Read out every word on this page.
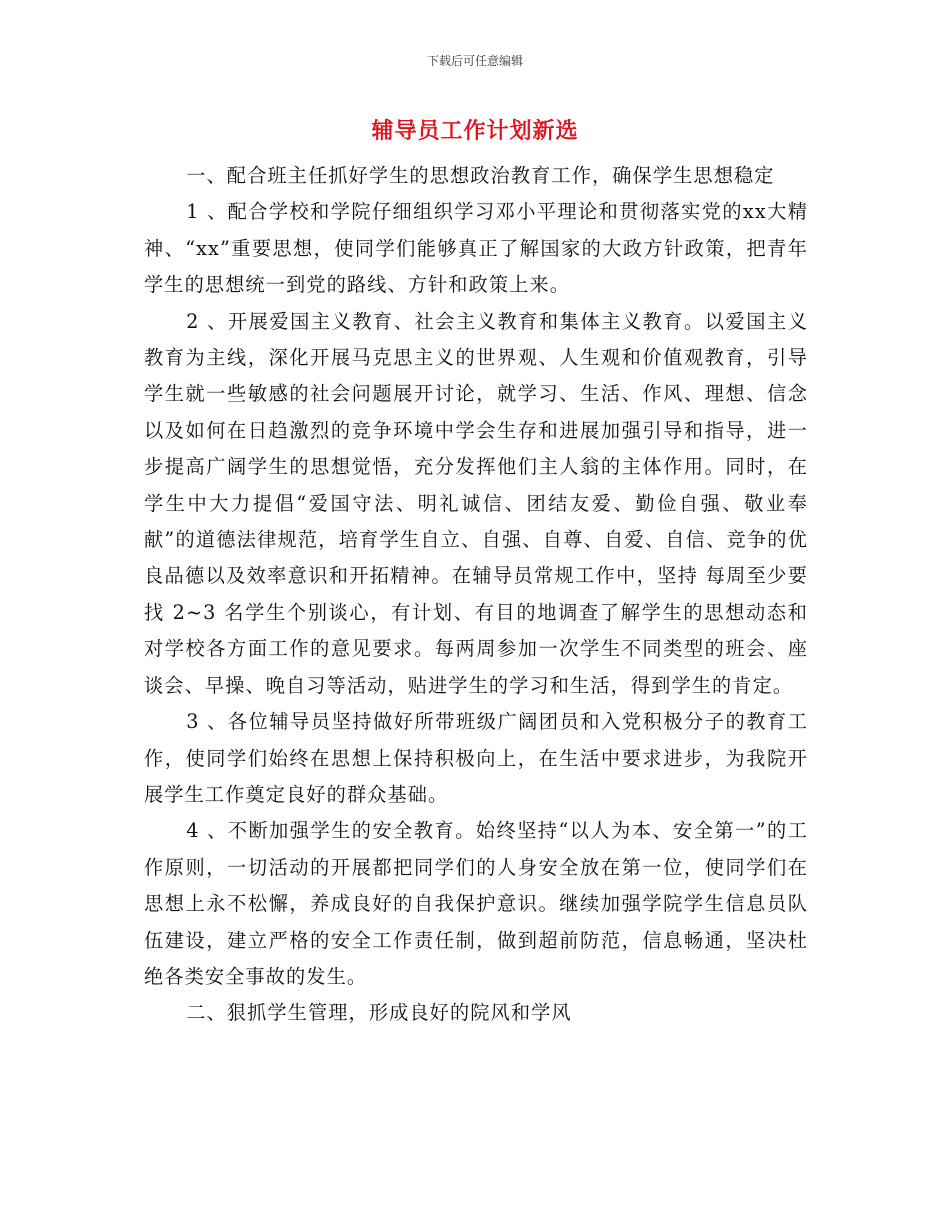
下载后可任意编辑
辅导员工作计划新选

一、配合班主任抓好学生的思想政治教育工作，确保学生思想稳定

1 、配合学校和学院仔细组织学习邓小平理论和贯彻落实党的xx大精神、“xx”重要思想，使同学们能够真正了解国家的大政方针政策，把青年学生的思想统一到党的路线、方针和政策上来。

2 、开展爱国主义教育、社会主义教育和集体主义教育。以爱国主义教育为主线，深化开展马克思主义的世界观、人生观和价值观教育，引导学生就一些敏感的社会问题展开讨论，就学习、生活、作风、理想、信念以及如何在日趋激烈的竞争环境中学会生存和进展加强引导和指导，进一步提高广阔学生的思想觉悟，充分发挥他们主人翁的主体作用。同时，在学生中大力提倡“爱国守法、明礼诚信、团结友爱、勤俭自强、敬业奉献”的道德法律规范，培育学生自立、自强、自尊、自爱、自信、竞争的优良品德以及效率意识和开拓精神。在辅导员常规工作中，坚持 每周至少要找 2~3 名学生个别谈心，有计划、有目的地调查了解学生的思想动态和对学校各方面工作的意见要求。每两周参加一次学生不同类型的班会、座谈会、早操、晚自习等活动，贴进学生的学习和生活，得到学生的肯定。

3 、各位辅导员坚持做好所带班级广阔团员和入党积极分子的教育工作，使同学们始终在思想上保持积极向上，在生活中要求进步，为我院开展学生工作奠定良好的群众基础。

4 、不断加强学生的安全教育。始终坚持“以人为本、安全第一”的工作原则，一切活动的开展都把同学们的人身安全放在第一位，使同学们在思想上永不松懈，养成良好的自我保护意识。继续加强学院学生信息员队伍建设，建立严格的安全工作责任制，做到超前防范，信息畅通，坚决杜绝各类安全事故的发生。

二、狠抓学生管理，形成良好的院风和学风
